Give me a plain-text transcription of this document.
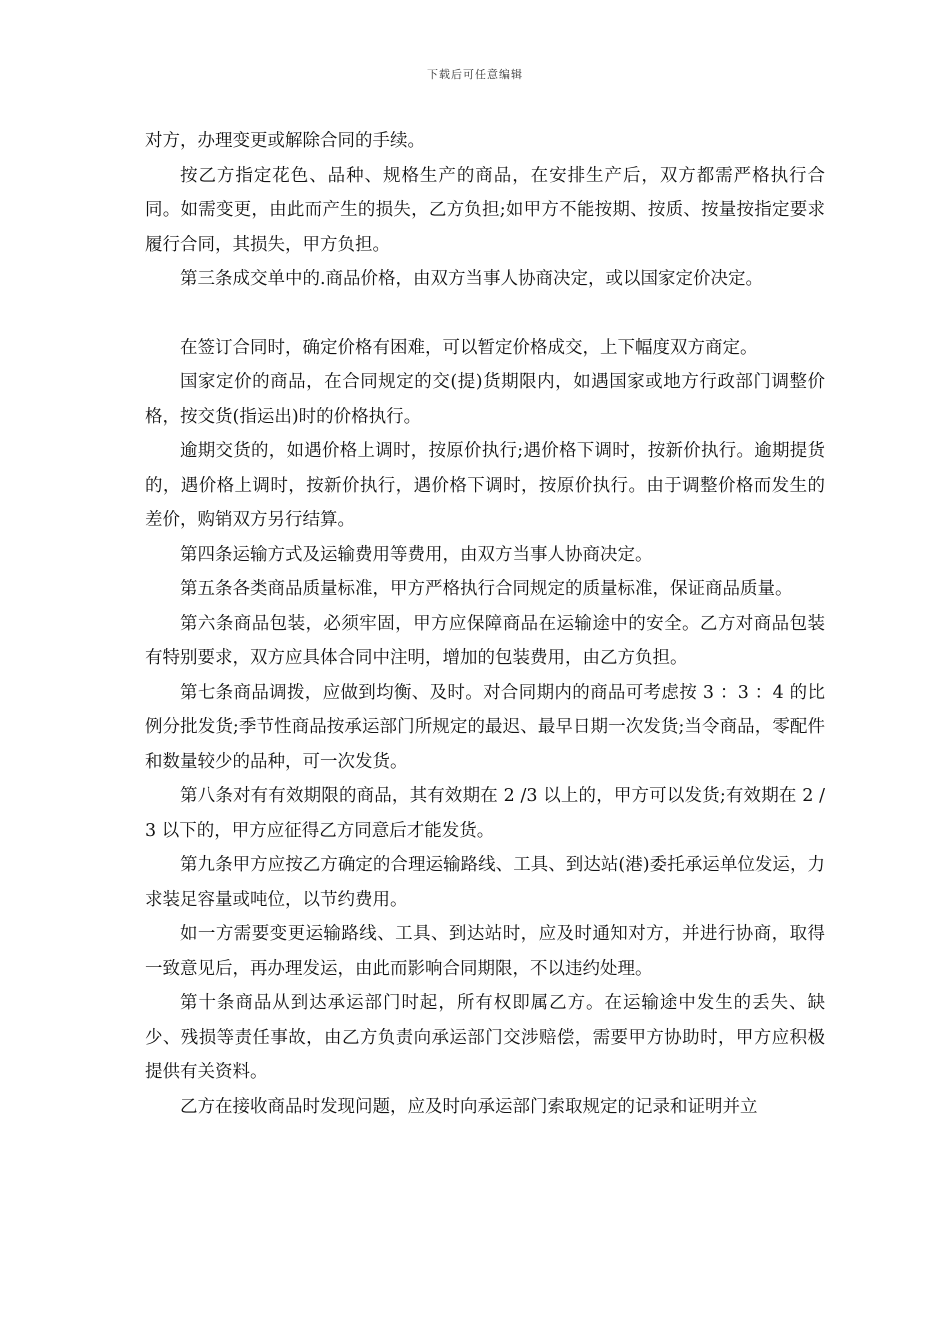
下载后可任意编辑

对方，办理变更或解除合同的手续。

按乙方指定花色、品种、规格生产的商品，在安排生产后，双方都需严格执行合同。如需变更，由此而产生的损失，乙方负担;如甲方不能按期、按质、按量按指定要求履行合同，其损失，甲方负担。

第三条成交单中的.商品价格，由双方当事人协商决定，或以国家定价决定。

在签订合同时，确定价格有困难，可以暂定价格成交，上下幅度双方商定。

国家定价的商品，在合同规定的交(提)货期限内，如遇国家或地方行政部门调整价格，按交货(指运出)时的价格执行。

逾期交货的，如遇价格上调时，按原价执行;遇价格下调时，按新价执行。逾期提货的，遇价格上调时，按新价执行，遇价格下调时，按原价执行。由于调整价格而发生的差价，购销双方另行结算。

第四条运输方式及运输费用等费用，由双方当事人协商决定。

第五条各类商品质量标准，甲方严格执行合同规定的质量标准，保证商品质量。

第六条商品包装，必须牢固，甲方应保障商品在运输途中的安全。乙方对商品包装有特别要求，双方应具体合同中注明，增加的包装费用，由乙方负担。

第七条商品调拨，应做到均衡、及时。对合同期内的商品可考虑按 3 ：3 ：4 的比例分批发货;季节性商品按承运部门所规定的最迟、最早日期一次发货;当令商品，零配件和数量较少的品种，可一次发货。

第八条对有有效期限的商品，其有效期在 2 /3 以上的，甲方可以发货;有效期在 2 /3 以下的，甲方应征得乙方同意后才能发货。

第九条甲方应按乙方确定的合理运输路线、工具、到达站(港)委托承运单位发运，力求装足容量或吨位，以节约费用。

如一方需要变更运输路线、工具、到达站时，应及时通知对方，并进行协商，取得一致意见后，再办理发运，由此而影响合同期限，不以违约处理。

第十条商品从到达承运部门时起，所有权即属乙方。在运输途中发生的丢失、缺少、残损等责任事故，由乙方负责向承运部门交涉赔偿，需要甲方协助时，甲方应积极提供有关资料。

乙方在接收商品时发现问题，应及时向承运部门索取规定的记录和证明并立
